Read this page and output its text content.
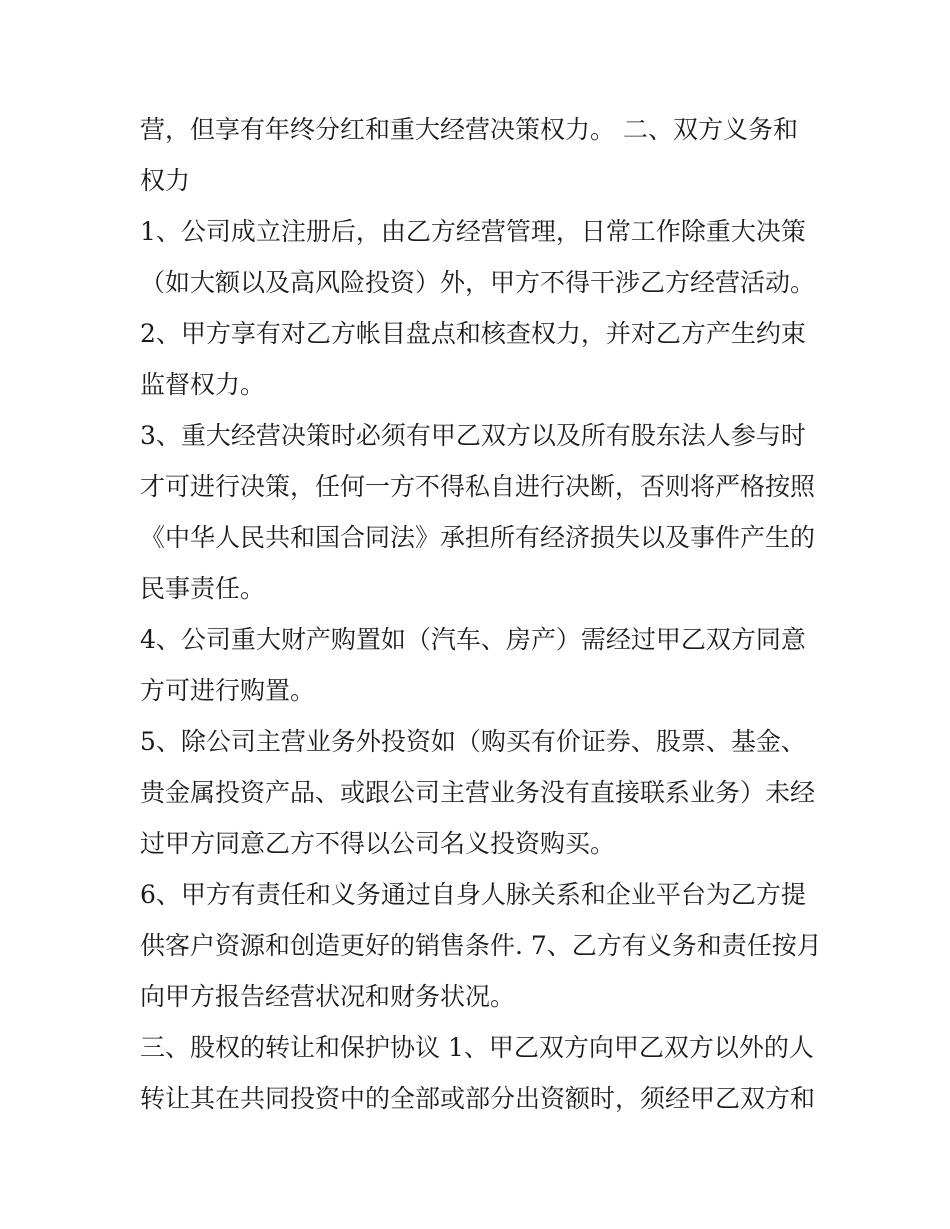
营，但享有年终分红和重大经营决策权力。 二、双方义务和
权力
1、公司成立注册后，由乙方经营管理，日常工作除重大决策
（如大额以及高风险投资）外，甲方不得干涉乙方经营活动。
2、甲方享有对乙方帐目盘点和核查权力，并对乙方产生约束
监督权力。
3、重大经营决策时必须有甲乙双方以及所有股东法人参与时
才可进行决策，任何一方不得私自进行决断，否则将严格按照
《中华人民共和国合同法》承担所有经济损失以及事件产生的
民事责任。
4、公司重大财产购置如（汽车、房产）需经过甲乙双方同意
方可进行购置。
5、除公司主营业务外投资如（购买有价证券、股票、基金、
贵金属投资产品、或跟公司主营业务没有直接联系业务）未经
过甲方同意乙方不得以公司名义投资购买。
6、甲方有责任和义务通过自身人脉关系和企业平台为乙方提
供客户资源和创造更好的销售条件. 7、乙方有义务和责任按月
向甲方报告经营状况和财务状况。
三、股权的转让和保护协议 1、甲乙双方向甲乙双方以外的人
转让其在共同投资中的全部或部分出资额时，须经甲乙双方和
